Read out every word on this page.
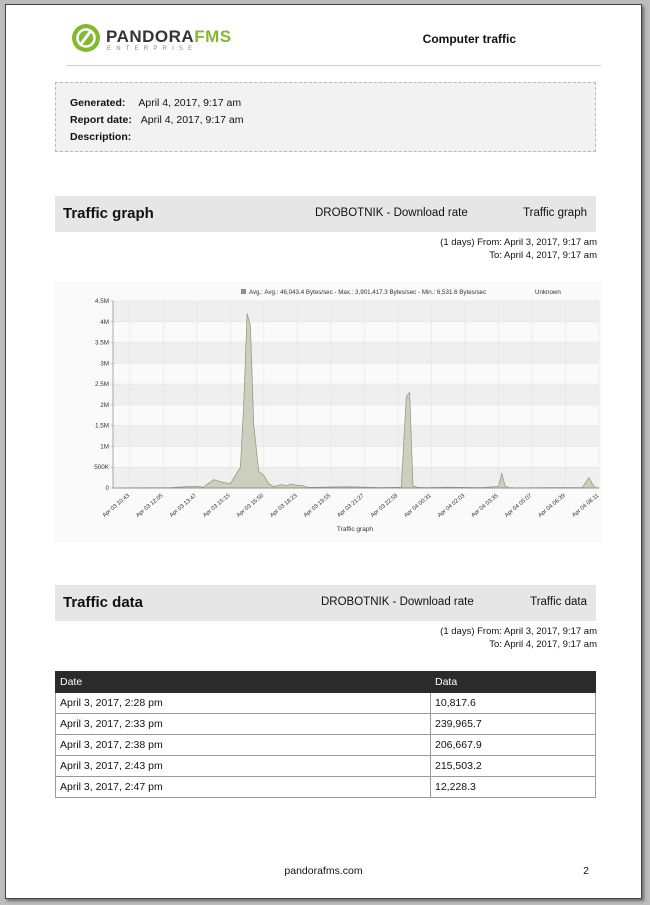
PANDORAFMS
ENTERPRISE
Computer traffic
Generated: April 4, 2017, 9:17 am
Report date: April 4, 2017, 9:17 am
Description:
Traffic graph	DROBOTNIK - Download rate	Traffic graph
(1 days) From: April 3, 2017, 9:17 am
To: April 4, 2017, 9:17 am
0
500K
1M
1.5M
2M
2.5M
3M
3.5M
4M
4.5M
Apr 03 10:43 Apr 03 12:05 Apr 03 13:47 Apr 03 15:15 Apr 03 16:50 Apr 03 18:23 Apr 03 19:55 Apr 03 21:27 Apr 03 22:59 Apr 04 00:31 Apr 04 02:03 Apr 04 03:35 Apr 04 05:07 Apr 04 06:39 Apr 04 08:11
Avg.: Avg.: 46,043.4 Bytes/sec - Max.: 3,901,417.3 Bytes/sec - Min.: 6,531.6 Bytes/sec	Unknown
Traffic graph
Traffic data	DROBOTNIK - Download rate	Traffic data
(1 days) From: April 3, 2017, 9:17 am
To: April 4, 2017, 9:17 am
Date	Data
April 3, 2017, 2:28 pm	10,817.6
April 3, 2017, 2:33 pm	239,965.7
April 3, 2017, 2:38 pm	206,667.9
April 3, 2017, 2:43 pm	215,503.2
April 3, 2017, 2:47 pm	12,228.3
pandorafms.com	2
